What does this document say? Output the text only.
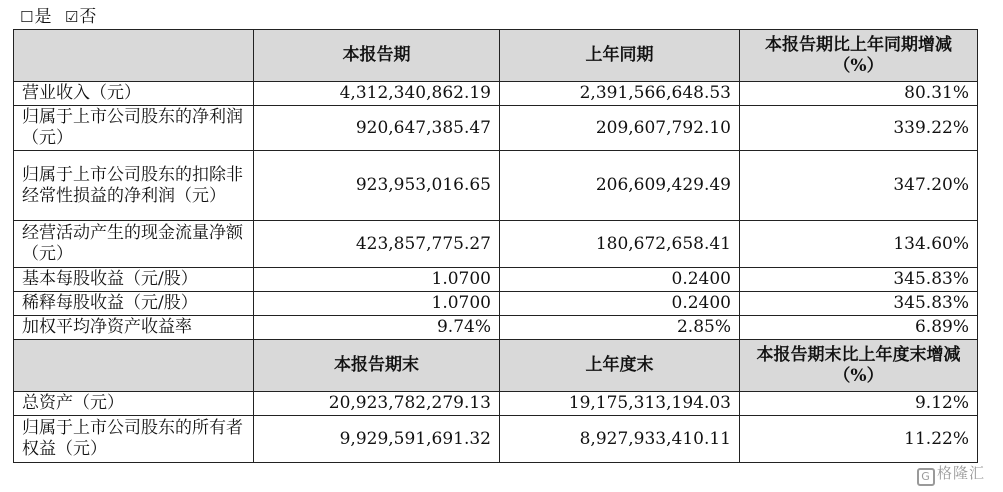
☐是 ☑否
	本报告期	上年同期	本报告期比上年同期增减
（%）

营业收入（元）	4,312,340,862.19	2,391,566,648.53	80.31%
归属于上市公司股东的净利润（元）	920,647,385.47	209,607,792.10	339.22%
归属于上市公司股东的扣除非经常性损益的净利润（元）	923,953,016.65	206,609,429.49	347.20%
经营活动产生的现金流量净额（元）	423,857,775.27	180,672,658.41	134.60%
基本每股收益（元/股）	1.0700	0.2400	345.83%
稀释每股收益（元/股）	1.0700	0.2400	345.83%
加权平均净资产收益率	9.74%	2.85%	6.89%
	本报告期末	上年度末	本报告期末比上年度末增减
（%）

总资产（元）	20,923,782,279.13	19,175,313,194.03	9.12%
归属于上市公司股东的所有者权益（元）	9,929,591,691.32	8,927,933,410.11	11.22%
G 格隆汇
